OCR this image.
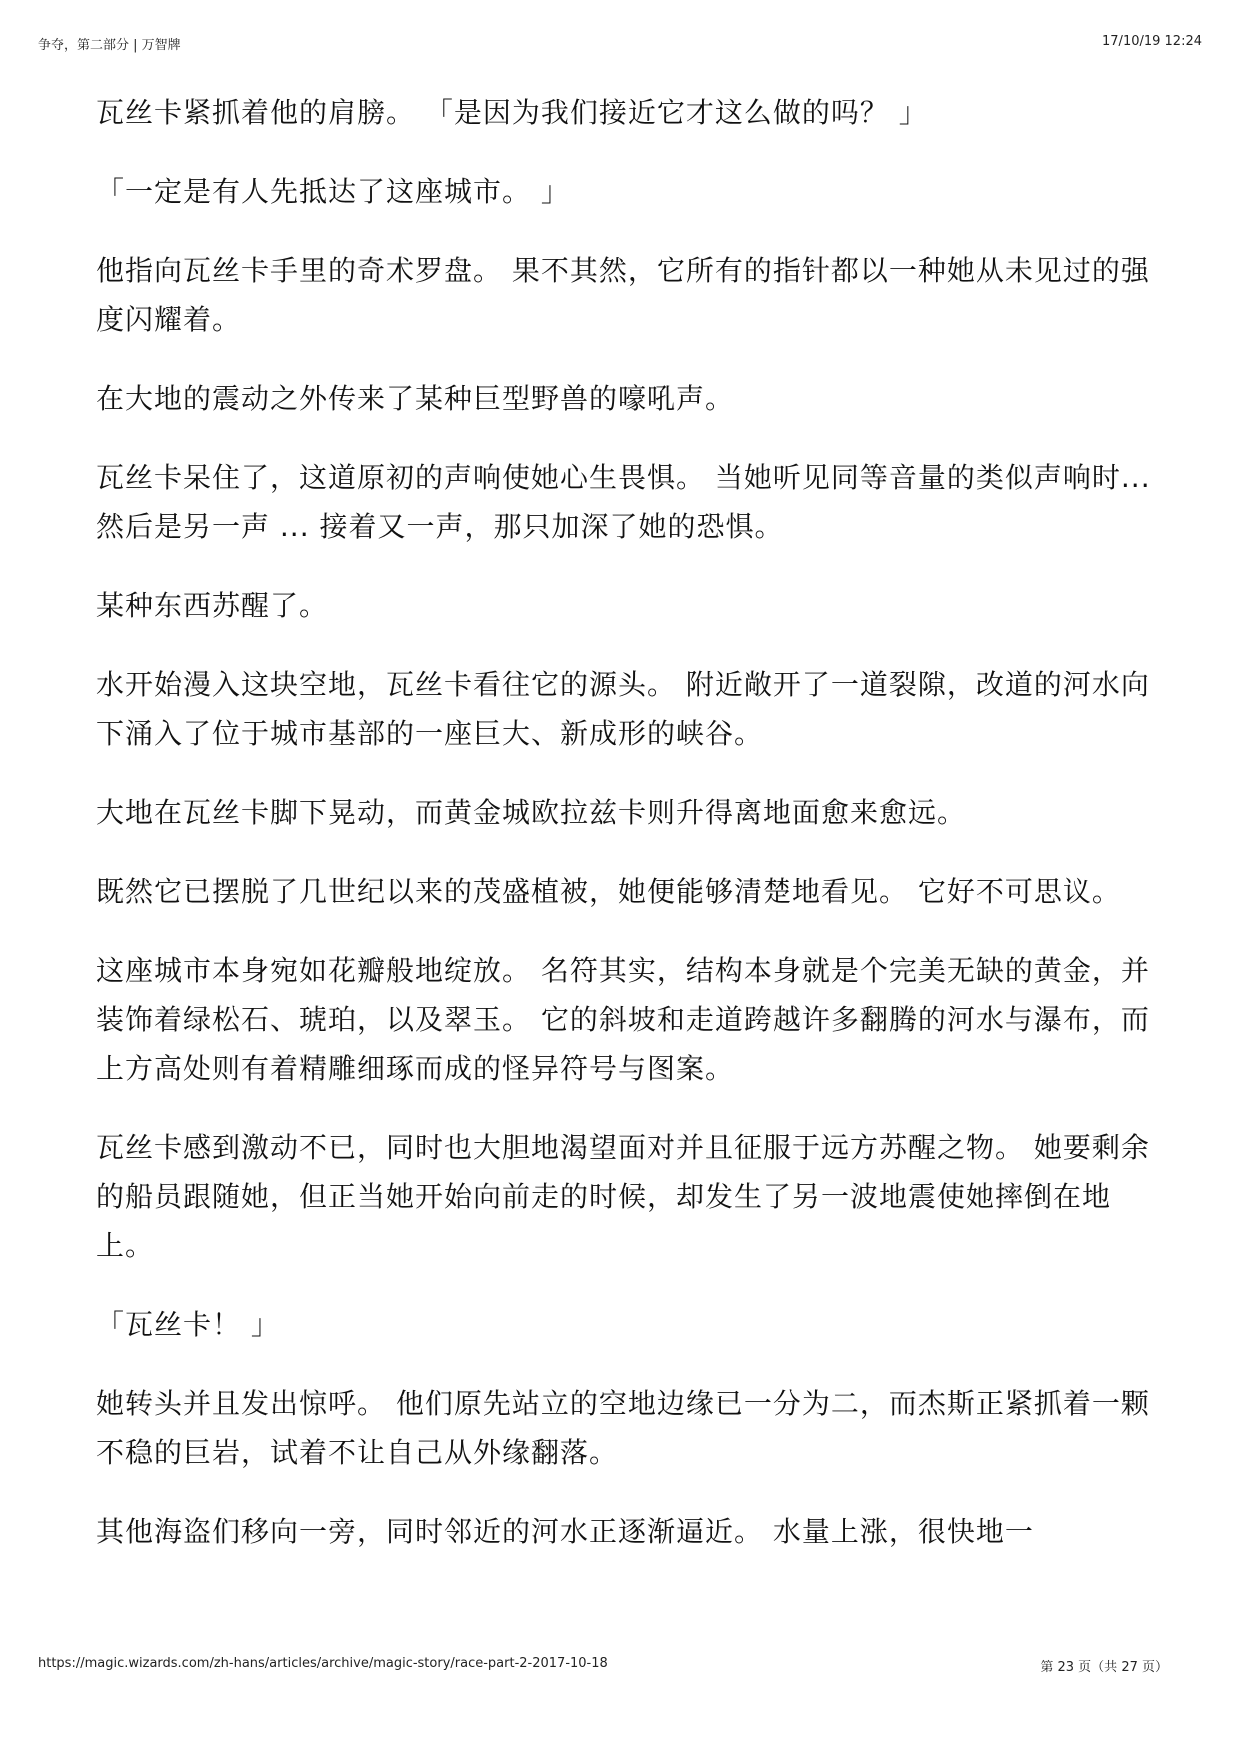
争夺，第二部分 | 万智牌	17/10/19 12:24

瓦丝卡紧抓着他的肩膀。 「是因为我们接近它才这么做的吗？ 」

「一定是有人先抵达了这座城市。 」

他指向瓦丝卡手里的奇术罗盘。 果不其然，它所有的指针都以一种她从未见过的强度闪耀着。

在大地的震动之外传来了某种巨型野兽的嚎吼声。

瓦丝卡呆住了，这道原初的声响使她心生畏惧。 当她听见同等音量的类似声响时... 然后是另一声 ... 接着又一声，那只加深了她的恐惧。

某种东西苏醒了。

水开始漫入这块空地，瓦丝卡看往它的源头。 附近敞开了一道裂隙，改道的河水向下涌入了位于城市基部的一座巨大、新成形的峡谷。

大地在瓦丝卡脚下晃动，而黄金城欧拉兹卡则升得离地面愈来愈远。

既然它已摆脱了几世纪以来的茂盛植被，她便能够清楚地看见。 它好不可思议。

这座城市本身宛如花瓣般地绽放。 名符其实，结构本身就是个完美无缺的黄金，并装饰着绿松石、琥珀，以及翠玉。 它的斜坡和走道跨越许多翻腾的河水与瀑布，而上方高处则有着精雕细琢而成的怪异符号与图案。

瓦丝卡感到激动不已，同时也大胆地渴望面对并且征服于远方苏醒之物。 她要剩余的船员跟随她，但正当她开始向前走的时候，却发生了另一波地震使她摔倒在地上。

「瓦丝卡！ 」

她转头并且发出惊呼。 他们原先站立的空地边缘已一分为二，而杰斯正紧抓着一颗不稳的巨岩，试着不让自己从外缘翻落。

其他海盗们移向一旁，同时邻近的河水正逐渐逼近。 水量上涨，很快地一

https://magic.wizards.com/zh-hans/articles/archive/magic-story/race-part-2-2017-10-18	第 23 页（共 27 页）
